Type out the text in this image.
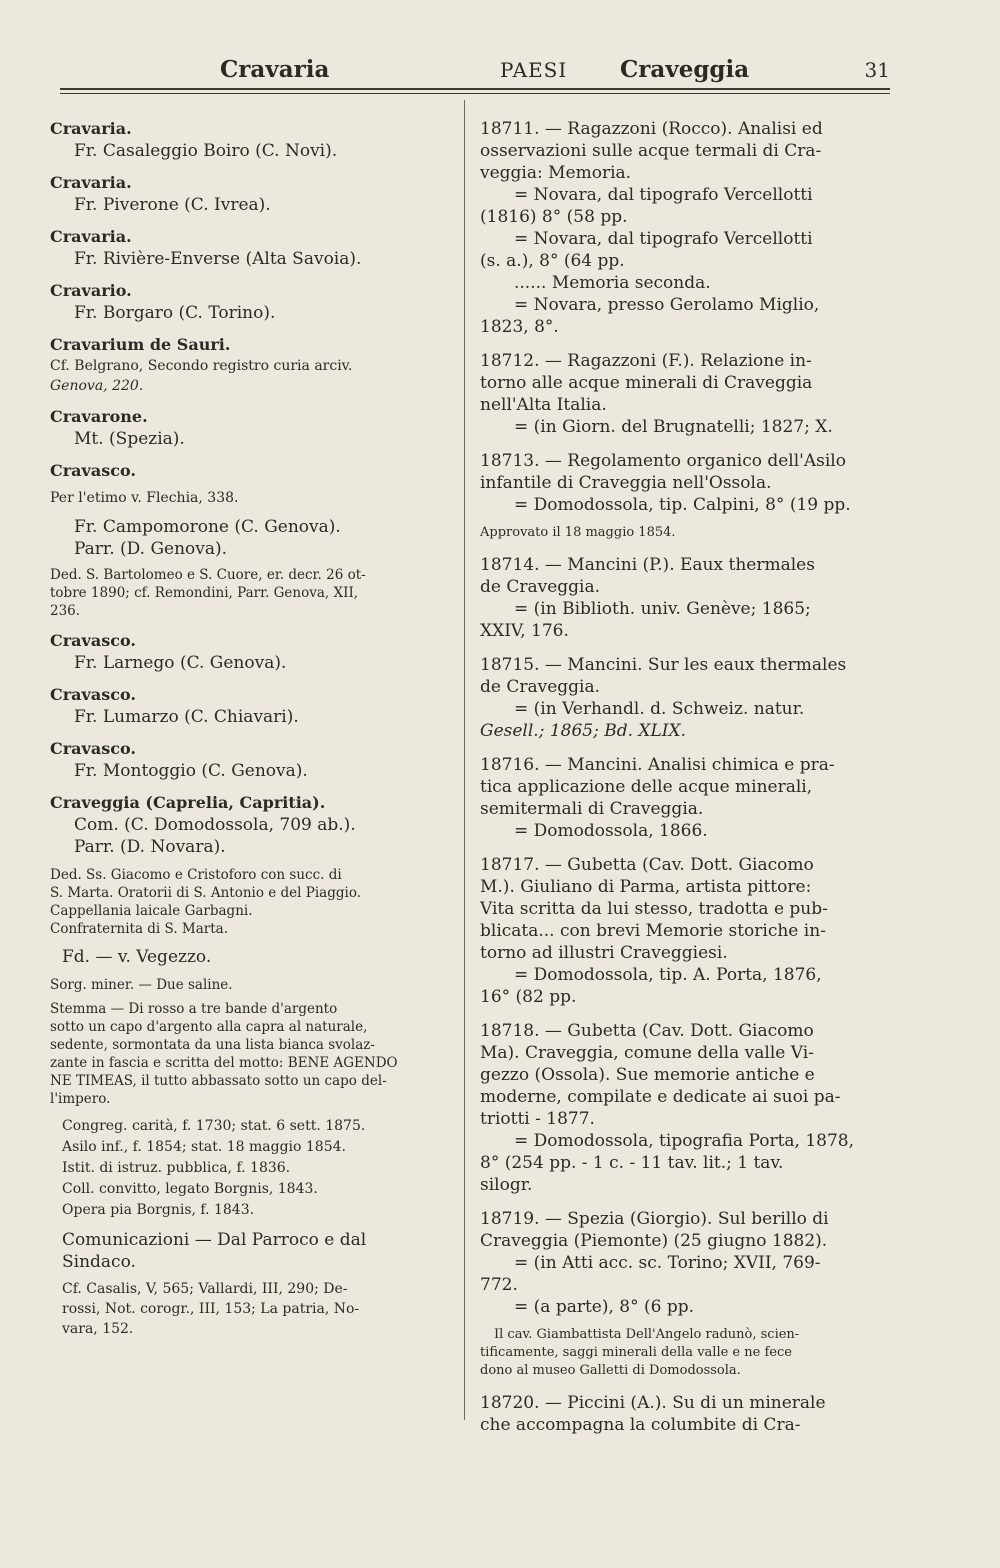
Cravaria	PAESI Craveggia	31
Cravaria.
Fr. Casaleggio Boiro (C. Novi).
Cravaria.
Fr. Piverone (C. Ivrea).
Cravaria.
Fr. Rivière-Enverse (Alta Savoia).
Cravario.
Fr. Borgaro (C. Torino).
Cravarium de Sauri.
Cf. Belgrano, Secondo registro curia arciv.
Genova, 220.
Cravarone.
Mt. (Spezia).
Cravasco.
Per l'etimo v. Flechia, 338.
Fr. Campomorone (C. Genova).
Parr. (D. Genova).
Ded. S. Bartolomeo e S. Cuore, er. decr. 26 ot-
tobre 1890; cf. Remondini, Parr. Genova, XII,
236.
Cravasco.
Fr. Larnego (C. Genova).
Cravasco.
Fr. Lumarzo (C. Chiavari).
Cravasco.
Fr. Montoggio (C. Genova).
Craveggia (Caprelia, Capritia).
Com. (C. Domodossola, 709 ab.).
Parr. (D. Novara).
Ded. Ss. Giacomo e Cristoforo con succ. di
S. Marta. Oratorii di S. Antonio e del Piaggio.
Cappellania laicale Garbagni.
Confraternita di S. Marta.
Fd. — v. Vegezzo.
Sorg. miner. — Due saline.
Stemma — Di rosso a tre bande d'argento
sotto un capo d'argento alla capra al naturale,
sedente, sormontata da una lista bianca svolaz-
zante in fascia e scritta del motto: BENE AGENDO
NE TIMEAS, il tutto abbassato sotto un capo del-
l'impero.
Congreg. carità, f. 1730; stat. 6 sett. 1875.
Asilo inf., f. 1854; stat. 18 maggio 1854.
Istit. di istruz. pubblica, f. 1836.
Coll. convitto, legato Borgnis, 1843.
Opera pia Borgnis, f. 1843.
Comunicazioni — Dal Parroco e dal
Sindaco.
Cf. Casalis, V, 565; Vallardi, III, 290; De-
rossi, Not. corogr., III, 153; La patria, No-
vara, 152.
18711. — Ragazzoni (Rocco). Analisi ed
osservazioni sulle acque termali di Cra-
veggia: Memoria.
= Novara, dal tipografo Vercellotti
(1816) 8° (58 pp.
= Novara, dal tipografo Vercellotti
(s. a.), 8° (64 pp.
...... Memoria seconda.
= Novara, presso Gerolamo Miglio,
1823, 8°.
18712. — Ragazzoni (F.). Relazione in-
torno alle acque minerali di Craveggia
nell'Alta Italia.
= (in Giorn. del Brugnatelli; 1827; X.
18713. — Regolamento organico dell'Asilo
infantile di Craveggia nell'Ossola.
= Domodossola, tip. Calpini, 8° (19 pp.
Approvato il 18 maggio 1854.
18714. — Mancini (P.). Eaux thermales
de Craveggia.
= (in Biblioth. univ. Genève; 1865;
XXIV, 176.
18715. — Mancini. Sur les eaux thermales
de Craveggia.
= (in Verhandl. d. Schweiz. natur.
Gesell.; 1865; Bd. XLIX.
18716. — Mancini. Analisi chimica e pra-
tica applicazione delle acque minerali,
semitermali di Craveggia.
= Domodossola, 1866.
18717. — Gubetta (Cav. Dott. Giacomo
M.). Giuliano di Parma, artista pittore:
Vita scritta da lui stesso, tradotta e pub-
blicata... con brevi Memorie storiche in-
torno ad illustri Craveggiesi.
= Domodossola, tip. A. Porta, 1876,
16° (82 pp.
18718. — Gubetta (Cav. Dott. Giacomo
Ma). Craveggia, comune della valle Vi-
gezzo (Ossola). Sue memorie antiche e
moderne, compilate e dedicate ai suoi pa-
triotti - 1877.
= Domodossola, tipografia Porta, 1878,
8° (254 pp. - 1 c. - 11 tav. lit.; 1 tav.
silogr.
18719. — Spezia (Giorgio). Sul berillo di
Craveggia (Piemonte) (25 giugno 1882).
= (in Atti acc. sc. Torino; XVII, 769-
772.
= (a parte), 8° (6 pp.
Il cav. Giambattista Dell'Angelo radunò, scien-
tificamente, saggi minerali della valle e ne fece
dono al museo Galletti di Domodossola.
18720. — Piccini (A.). Su di un minerale
che accompagna la columbite di Cra-
